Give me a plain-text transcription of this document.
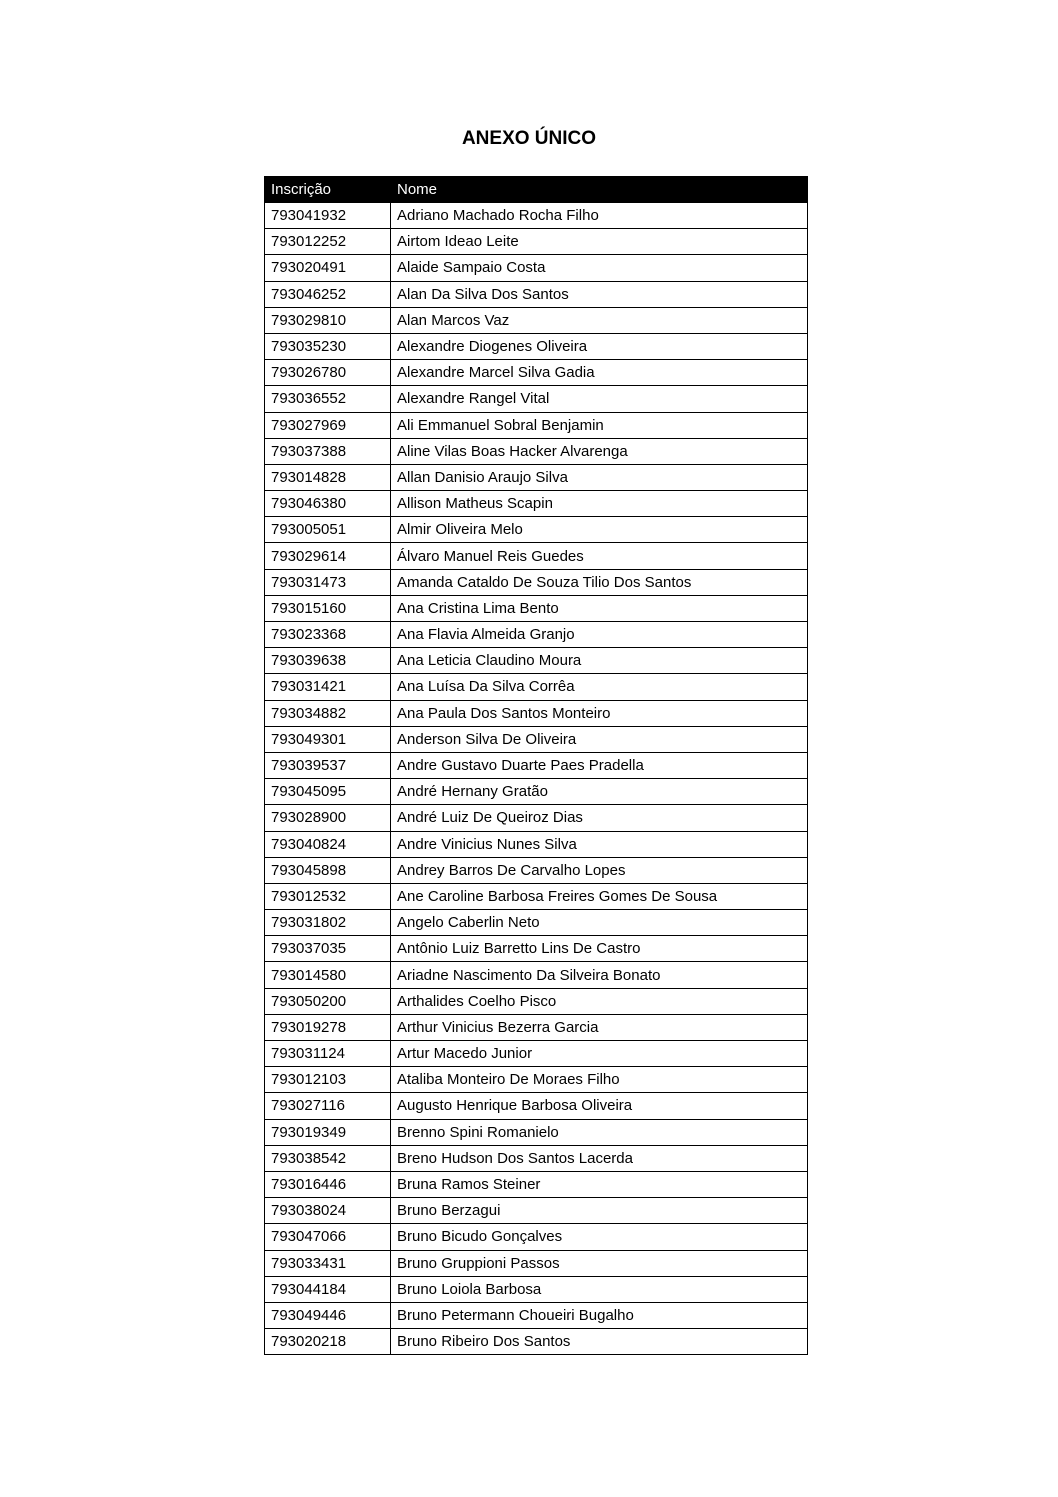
ANEXO ÚNICO
Inscrição	Nome
793041932	Adriano Machado Rocha Filho
793012252	Airtom Ideao Leite
793020491	Alaide Sampaio Costa
793046252	Alan Da Silva Dos Santos
793029810	Alan Marcos Vaz
793035230	Alexandre Diogenes Oliveira
793026780	Alexandre Marcel Silva Gadia
793036552	Alexandre Rangel Vital
793027969	Ali Emmanuel Sobral Benjamin
793037388	Aline Vilas Boas Hacker Alvarenga
793014828	Allan Danisio Araujo Silva
793046380	Allison Matheus Scapin
793005051	Almir Oliveira Melo
793029614	Álvaro Manuel Reis Guedes
793031473	Amanda Cataldo De Souza Tilio Dos Santos
793015160	Ana Cristina Lima Bento
793023368	Ana Flavia Almeida Granjo
793039638	Ana Leticia Claudino Moura
793031421	Ana Luísa Da Silva Corrêa
793034882	Ana Paula Dos Santos Monteiro
793049301	Anderson Silva De Oliveira
793039537	Andre Gustavo Duarte Paes Pradella
793045095	André Hernany Gratão
793028900	André Luiz De Queiroz Dias
793040824	Andre Vinicius Nunes Silva
793045898	Andrey Barros De Carvalho Lopes
793012532	Ane Caroline Barbosa Freires Gomes De Sousa
793031802	Angelo Caberlin Neto
793037035	Antônio Luiz Barretto Lins De Castro
793014580	Ariadne Nascimento Da Silveira Bonato
793050200	Arthalides Coelho Pisco
793019278	Arthur Vinicius Bezerra Garcia
793031124	Artur Macedo Junior
793012103	Ataliba Monteiro De Moraes Filho
793027116	Augusto Henrique Barbosa Oliveira
793019349	Brenno Spini Romanielo
793038542	Breno Hudson Dos Santos Lacerda
793016446	Bruna Ramos Steiner
793038024	Bruno Berzagui
793047066	Bruno Bicudo Gonçalves
793033431	Bruno Gruppioni Passos
793044184	Bruno Loiola Barbosa
793049446	Bruno Petermann Choueiri Bugalho
793020218	Bruno Ribeiro Dos Santos
